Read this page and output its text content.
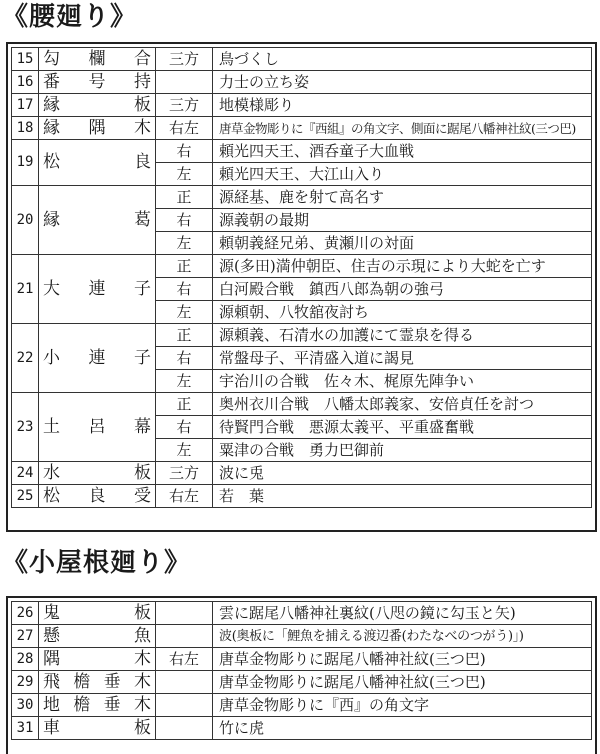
《腰廻り》
15	勾欄合	三方	鳥づくし
16	番号持		力士の立ち姿
17	縁板	三方	地模様彫り
18	縁隅木	右左	唐草金物彫りに『西組』の角文字、側面に踞尾八幡神社紋(三つ巴)
19	松良	右	頼光四天王、酒呑童子大血戦
		左	頼光四天王、大江山入り
20	縁葛	正	源経基、鹿を射て高名す
		右	源義朝の最期
		左	頼朝義経兄弟、黄瀬川の対面
21	大連子	正	源(多田)満仲朝臣、住吉の示現により大蛇を亡す
		右	白河殿合戦　鎮西八郎為朝の強弓
		左	源頼朝、八牧舘夜討ち
22	小連子	正	源頼義、石清水の加護にて霊泉を得る
		右	常盤母子、平清盛入道に謁見
		左	宇治川の合戦　佐々木、梶原先陣争い
23	土呂幕	正	奥州衣川合戦　八幡太郎義家、安倍貞任を討つ
		右	待賢門合戦　悪源太義平、平重盛奮戦
		左	粟津の合戦　勇力巴御前
24	水板	三方	波に兎
25	松良受	右左	若　葉
《小屋根廻り》
26	鬼板		雲に踞尾八幡神社裏紋(八咫の鏡に勾玉と矢)
27	懸魚		波(奥板に「鯉魚を捕える渡辺番(わたなべのつがう)」)
28	隅木	右左	唐草金物彫りに踞尾八幡神社紋(三つ巴)
29	飛檐垂木		唐草金物彫りに踞尾八幡神社紋(三つ巴)
30	地檐垂木		唐草金物彫りに『西』の角文字
31	車板		竹に虎
